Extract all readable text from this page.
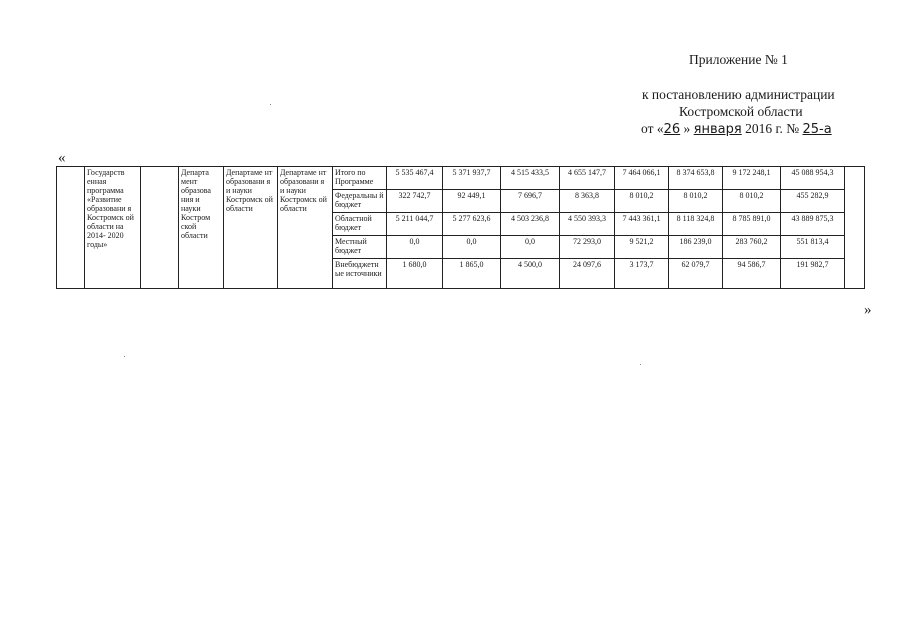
Приложение № 1
к постановлению администрации
Костромской области
от «26 » января 2016 г. № 25-а
«
»
	Государств енная программа «Развитие образовани я Костромск ой области на 2014- 2020 годы»		Департа мент образова ния и науки Костром ской области	Департаме нт образовани я и науки Костромск ой области	Департаме нт образовани я и науки Костромск ой области	Итого по Программе	5 535 467,4	5 371 937,7	4 515 433,5	4 655 147,7	7 464 066,1	8 374 653,8	9 172 248,1	45 088 954,3	
						Федеральны й бюджет	322 742,7	92 449,1	7 696,7	8 363,8	8 010,2	8 010,2	8 010,2	455 282,9	
						Областной бюджет	5 211 044,7	5 277 623,6	4 503 236,8	4 550 393,3	7 443 361,1	8 118 324,8	8 785 891,0	43 889 875,3	
						Местный бюджет	0,0	0,0	0,0	72 293,0	9 521,2	186 239,0	283 760,2	551 813,4	
						Внебюджетн ые источники	1 680,0	1 865,0	4 500,0	24 097,6	3 173,7	62 079,7	94 586,7	191 982,7	
